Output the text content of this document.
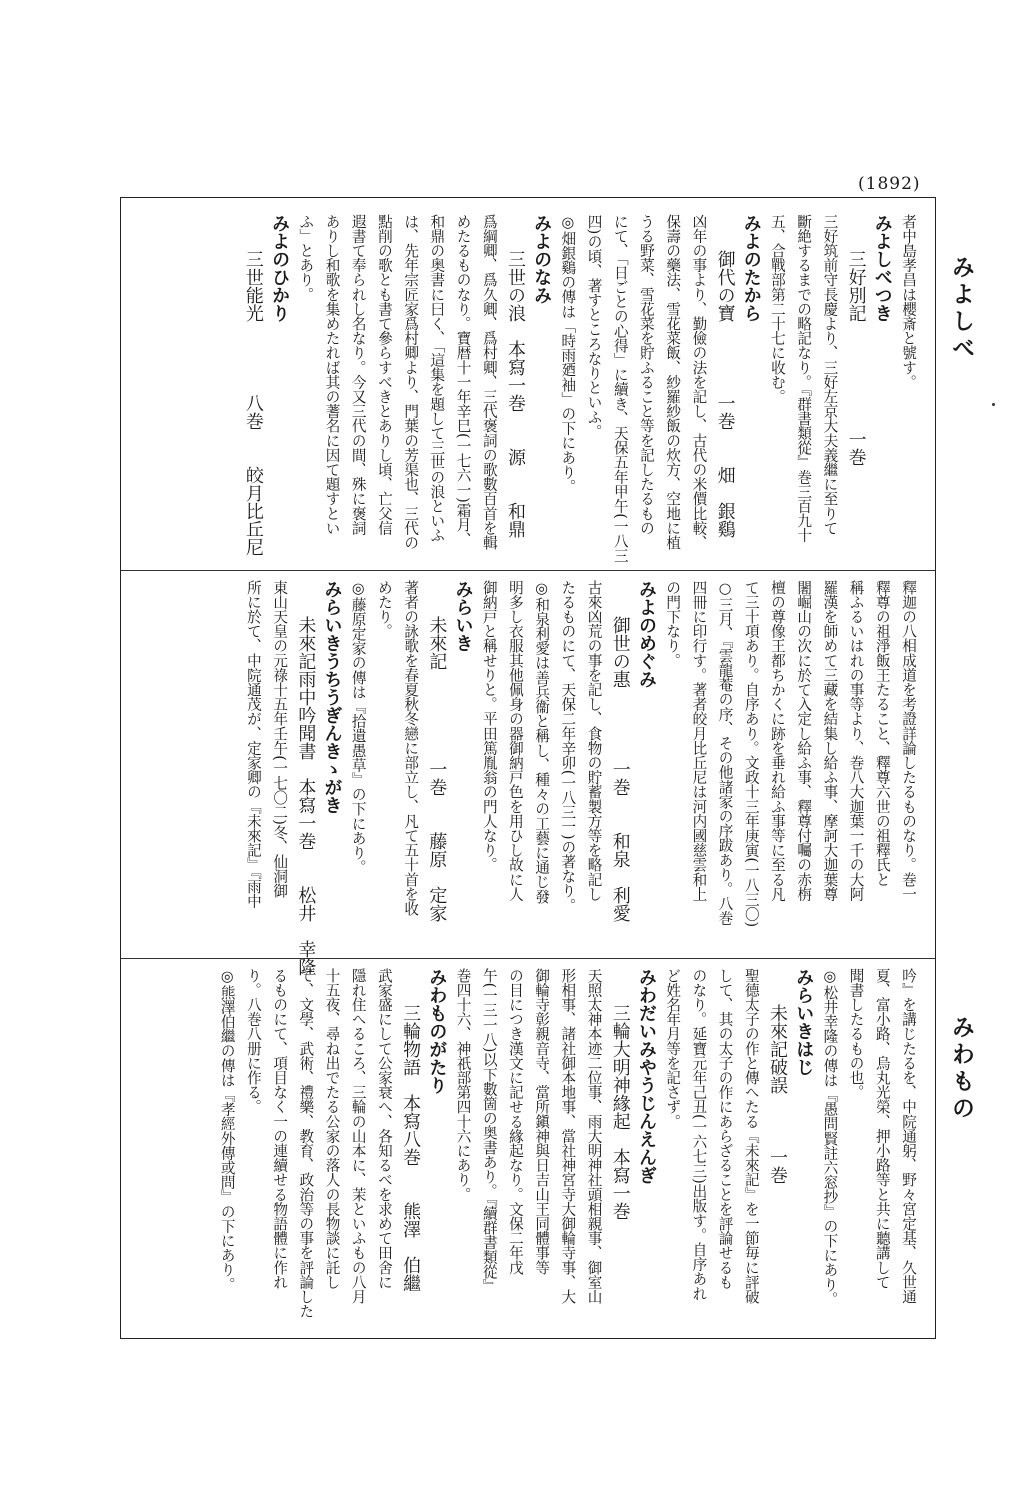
(1892)
みよしべ
みわもの
者中島孝昌は櫻斎と號す。
みよしべつき
　　三好別記　　　　　　一巻
三好筑前守長慶より、三好左京大夫義繼に至りて
斷絶するまでの略記なり。『群書類從』巻三百九十
五、合戰部第二十七に收む。
みよのたから
　　御代の寶　　　　一巻　　畑　銀鷄
凶年の事より、勤儉の法を記し、古代の米價比較、
保壽の藥法、雪花菜飯、紗羅紗飯の炊方、空地に植
うる野菜、雪花菜を貯ふること等を記したるもの
にて、「日ごとの心得」に續き、天保五年甲午(一八三
四)の頃、著すところなりといふ。
◎畑銀鷄の傳は「時雨廼袖」の下にあり。
みよのなみ
　　三世の浪　本寫一巻　　源　　和鼎
爲綱卿、爲久卿、爲村卿、三代褒詞の歌數百首を輯
めたるものなり。寶暦十一年辛巳(一七六一)霜月、
和鼎の奥書に曰く、「這集を題して三世の浪といふ
は、先年宗匠家爲村卿より、門葉の芳渠也、三代の
點削の歌とも書て參らすべきとありし頃、亡父信
遐書て奉られし名なり。今又三代の間、殊に褒詞
ありし和歌を集めたれば其の蓍名に因て題すとい
ふ」とあり。
みよのひかり
　　三世能光　　　　八巻　　皎月比丘尼
釋迦の八相成道を考證詳論したるものなり。巻一
釋尊の祖淨飯王たること、釋尊六世の祖釋氏と
稱ふるいはれの事等より、巻八大迦葉一千の大阿
羅漢を師めて三藏を結集し給ふ事、摩訶大迦葉尊
闍崛山の次に於て入定し給ふ事、釋尊付囑の赤栴
檀の尊像王都ちかくに跡を垂れ給ふ事等に至る凡
て三十項あり。自序あり。文政十三年庚寅(一八三〇)
○三月、『雲龍菴の序、その他諸家の序跋あり。八巻
四冊に印行す。著者皎月比丘尼は河内國慈雲和上
の門下なり。
みよのめぐみ
　　御世の惠　　　　一巻　　和泉　利愛
古來凶荒の事を記し、食物の貯蓄製方等を略記し
たるものにて、天保二年辛卯(一八三一)の著なり。
◎和泉利愛は善兵衞と稱し、種々の工藝に通じ發
明多し衣服其他佩身の器御納戸色を用ひし故に人
御納戸と稱せりと。平田篤胤翁の門人なり。
みらいき
　　未來記　　　　　一巻　　藤原　定家
著者の詠歌を春夏秋冬戀に部立し、凡て五十首を收
めたり。
◎藤原定家の傳は『拾遺愚草』の下にあり。
みらいきうちうぎんきゝがき
　　未來記雨中吟聞書　本寫一巻　　松井　幸隆
東山天皇の元祿十五年壬午(一七〇二)冬、仙洞御
所に於て、中院通茂が、定家卿の『未來記』『雨中
吟』を講じたるを、中院通躬、野々宮定基、久世通
夏、富小路、烏丸光榮、押小路等と共に聽講して
聞書したるもの也。
◎松井幸隆の傳は『愚問賢註六窓抄』の下にあり。
みらいきはじ
　　未來記破誤　　　一巻
聖德太子の作と傳へたる『未來記』を一節毎に評破
して、其の太子の作にあらざることを評論せるも
のなり。延寶元年己丑(一六七三)出版す。自序あれ
ど姓名年月等を記さず。
みわだいみやうじんえんぎ
　　三輪大明神緣起　本寫一巻
天照太神本迹二位事、雨大明神社頭相親事、御室山
形相事、諸社御本地事、當社神宮寺大御輪寺事、大
御輪寺彰親音寺、當所鎭神與日吉山王同體事等
の目につき漢文に記せる緣起なり。文保二年戊
午(一三一八)以下數箇の奥書あり。『續群書類從』
巻四十六、神祇部第四十六にあり。
みわものがたり
　　三輪物語　本寫八巻　　熊澤　伯繼
武家盛にして公家衰へ、各知るべを求めて田舍に
隱れ住へるころ、三輪の山本に、茉といふもの八月
十五夜、尋ね出でたる公家の落人の長物談に託し
て、文學、武術、禮樂、教育、政治等の事を評論した
るものにて、項目なく一の連續せる物語體に作れ
り。八巻八册に作る。
◎熊澤伯繼の傳は『孝經外傳或問』の下にあり。
